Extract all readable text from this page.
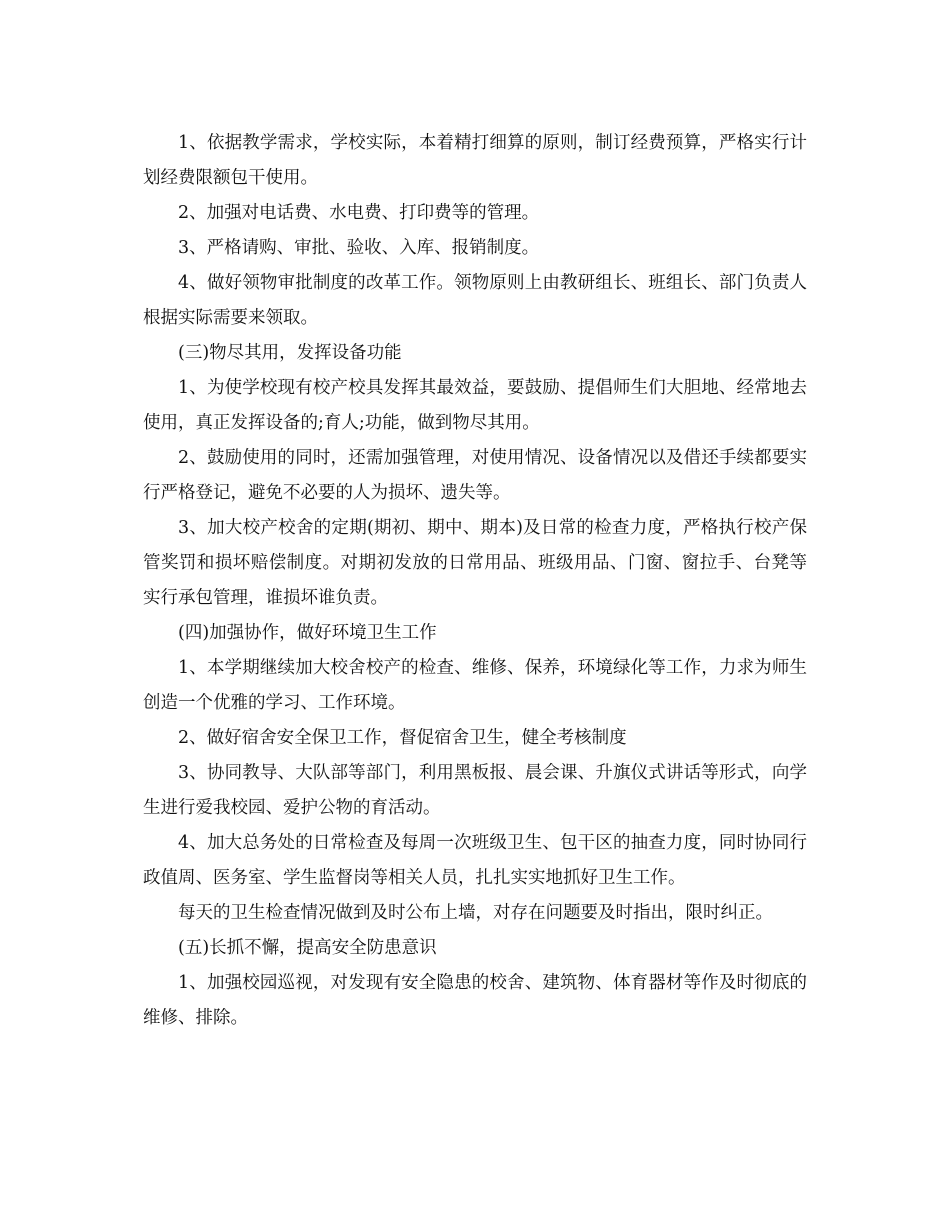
1、依据教学需求，学校实际，本着精打细算的原则，制订经费预算，严格实行计划经费限额包干使用。

2、加强对电话费、水电费、打印费等的管理。

3、严格请购、审批、验收、入库、报销制度。

4、做好领物审批制度的改革工作。领物原则上由教研组长、班组长、部门负责人根据实际需要来领取。

(三)物尽其用，发挥设备功能

1、为使学校现有校产校具发挥其最效益，要鼓励、提倡师生们大胆地、经常地去使用，真正发挥设备的;育人;功能，做到物尽其用。

2、鼓励使用的同时，还需加强管理，对使用情况、设备情况以及借还手续都要实行严格登记，避免不必要的人为损坏、遗失等。

3、加大校产校舍的定期(期初、期中、期本)及日常的检查力度，严格执行校产保管奖罚和损坏赔偿制度。对期初发放的日常用品、班级用品、门窗、窗拉手、台凳等实行承包管理，谁损坏谁负责。

(四)加强协作，做好环境卫生工作

1、本学期继续加大校舍校产的检查、维修、保养，环境绿化等工作，力求为师生创造一个优雅的学习、工作环境。

2、做好宿舍安全保卫工作，督促宿舍卫生，健全考核制度

3、协同教导、大队部等部门，利用黑板报、晨会课、升旗仪式讲话等形式，向学生进行爱我校园、爱护公物的育活动。

4、加大总务处的日常检查及每周一次班级卫生、包干区的抽查力度，同时协同行政值周、医务室、学生监督岗等相关人员，扎扎实实地抓好卫生工作。

每天的卫生检查情况做到及时公布上墙，对存在问题要及时指出，限时纠正。

(五)长抓不懈，提高安全防患意识

1、加强校园巡视，对发现有安全隐患的校舍、建筑物、体育器材等作及时彻底的维修、排除。
